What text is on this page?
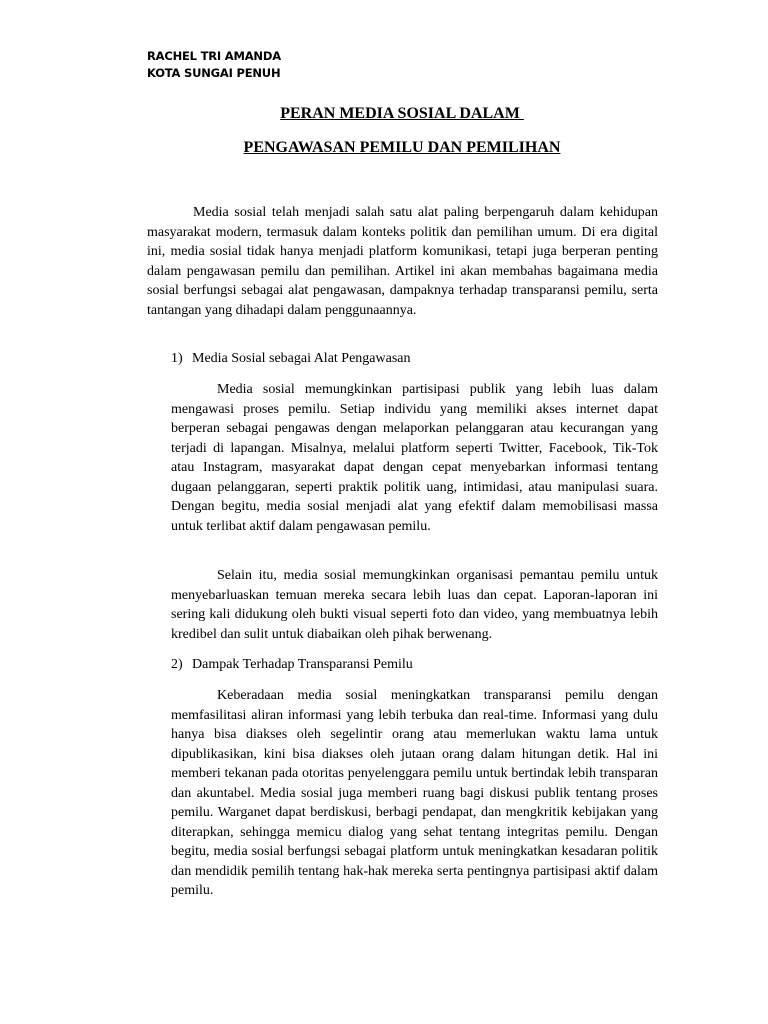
RACHEL TRI AMANDA
KOTA SUNGAI PENUH
PERAN MEDIA SOSIAL DALAM
PENGAWASAN PEMILU DAN PEMILIHAN

Media sosial telah menjadi salah satu alat paling berpengaruh dalam kehidupan masyarakat modern, termasuk dalam konteks politik dan pemilihan umum. Di era digital ini, media sosial tidak hanya menjadi platform komunikasi, tetapi juga berperan penting dalam pengawasan pemilu dan pemilihan. Artikel ini akan membahas bagaimana media sosial berfungsi sebagai alat pengawasan, dampaknya terhadap transparansi pemilu, serta tantangan yang dihadapi dalam penggunaannya.

1) Media Sosial sebagai Alat Pengawasan

Media sosial memungkinkan partisipasi publik yang lebih luas dalam mengawasi proses pemilu. Setiap individu yang memiliki akses internet dapat berperan sebagai pengawas dengan melaporkan pelanggaran atau kecurangan yang terjadi di lapangan. Misalnya, melalui platform seperti Twitter, Facebook, Tik-Tok atau Instagram, masyarakat dapat dengan cepat menyebarkan informasi tentang dugaan pelanggaran, seperti praktik politik uang, intimidasi, atau manipulasi suara. Dengan begitu, media sosial menjadi alat yang efektif dalam memobilisasi massa untuk terlibat aktif dalam pengawasan pemilu.

Selain itu, media sosial memungkinkan organisasi pemantau pemilu untuk menyebarluaskan temuan mereka secara lebih luas dan cepat. Laporan-laporan ini sering kali didukung oleh bukti visual seperti foto dan video, yang membuatnya lebih kredibel dan sulit untuk diabaikan oleh pihak berwenang.

2) Dampak Terhadap Transparansi Pemilu

Keberadaan media sosial meningkatkan transparansi pemilu dengan memfasilitasi aliran informasi yang lebih terbuka dan real-time. Informasi yang dulu hanya bisa diakses oleh segelintir orang atau memerlukan waktu lama untuk dipublikasikan, kini bisa diakses oleh jutaan orang dalam hitungan detik. Hal ini memberi tekanan pada otoritas penyelenggara pemilu untuk bertindak lebih transparan dan akuntabel. Media sosial juga memberi ruang bagi diskusi publik tentang proses pemilu. Warganet dapat berdiskusi, berbagi pendapat, dan mengkritik kebijakan yang diterapkan, sehingga memicu dialog yang sehat tentang integritas pemilu. Dengan begitu, media sosial berfungsi sebagai platform untuk meningkatkan kesadaran politik dan mendidik pemilih tentang hak-hak mereka serta pentingnya partisipasi aktif dalam pemilu.
